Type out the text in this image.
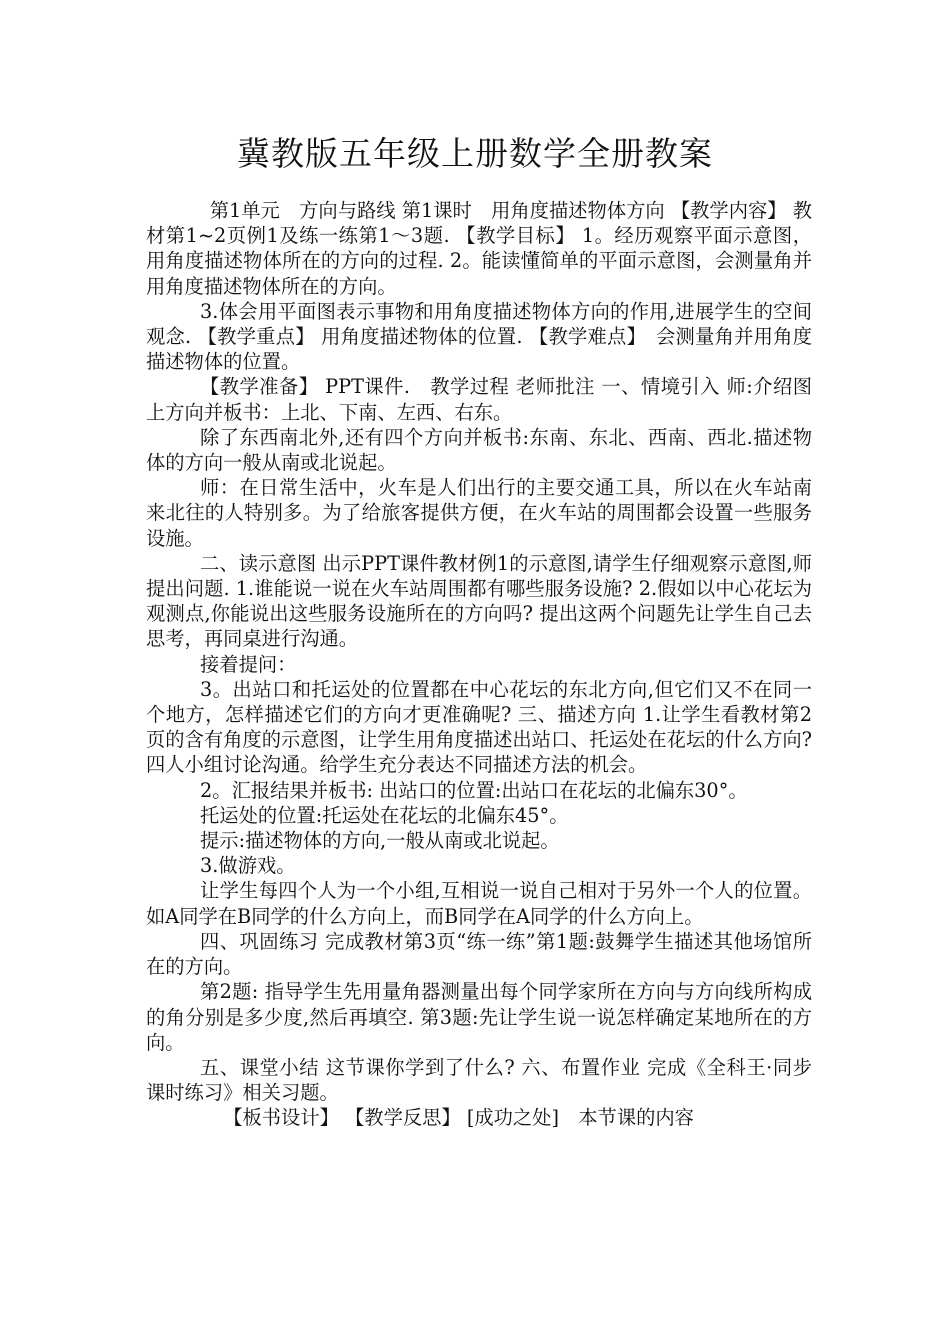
冀教版五年级上册数学全册教案

第1单元　方向与路线 第1课时　用角度描述物体方向 【教学内容】 教材第1~2页例1及练一练第1～3题. 【教学目标】 1。经历观察平面示意图，用角度描述物体所在的方向的过程. 2。能读懂简单的平面示意图，会测量角并用角度描述物体所在的方向。

3.体会用平面图表示事物和用角度描述物体方向的作用,进展学生的空间观念. 【教学重点】 用角度描述物体的位置. 【教学难点】　会测量角并用角度描述物体的位置。

【教学准备】 PPT课件.　教学过程 老师批注 一、情境引入 师:介绍图上方向并板书：上北、下南、左西、右东。

除了东西南北外,还有四个方向并板书:东南、东北、西南、西北.描述物体的方向一般从南或北说起。

师：在日常生活中，火车是人们出行的主要交通工具，所以在火车站南来北往的人特别多。为了给旅客提供方便，在火车站的周围都会设置一些服务设施。

二、读示意图 出示PPT课件教材例1的示意图,请学生仔细观察示意图,师提出问题. 1.谁能说一说在火车站周围都有哪些服务设施? 2.假如以中心花坛为观测点,你能说出这些服务设施所在的方向吗? 提出这两个问题先让学生自己去思考，再同桌进行沟通。

接着提问：

3。出站口和托运处的位置都在中心花坛的东北方向,但它们又不在同一个地方，怎样描述它们的方向才更准确呢? 三、描述方向 1.让学生看教材第2页的含有角度的示意图，让学生用角度描述出站口、托运处在花坛的什么方向? 四人小组讨论沟通。给学生充分表达不同描述方法的机会。

2。汇报结果并板书: 出站口的位置:出站口在花坛的北偏东30°。

托运处的位置:托运处在花坛的北偏东45°。

提示:描述物体的方向,一般从南或北说起。

3.做游戏。

让学生每四个人为一个小组,互相说一说自己相对于另外一个人的位置。如A同学在B同学的什么方向上，而B同学在A同学的什么方向上。

四、巩固练习 完成教材第3页“练一练”第1题:鼓舞学生描述其他场馆所在的方向。

第2题: 指导学生先用量角器测量出每个同学家所在方向与方向线所构成的角分别是多少度,然后再填空. 第3题:先让学生说一说怎样确定某地所在的方向。

五、课堂小结 这节课你学到了什么? 六、布置作业 完成《全科王·同步课时练习》相关习题。

【板书设计】 【教学反思】 [成功之处]　本节课的内容
